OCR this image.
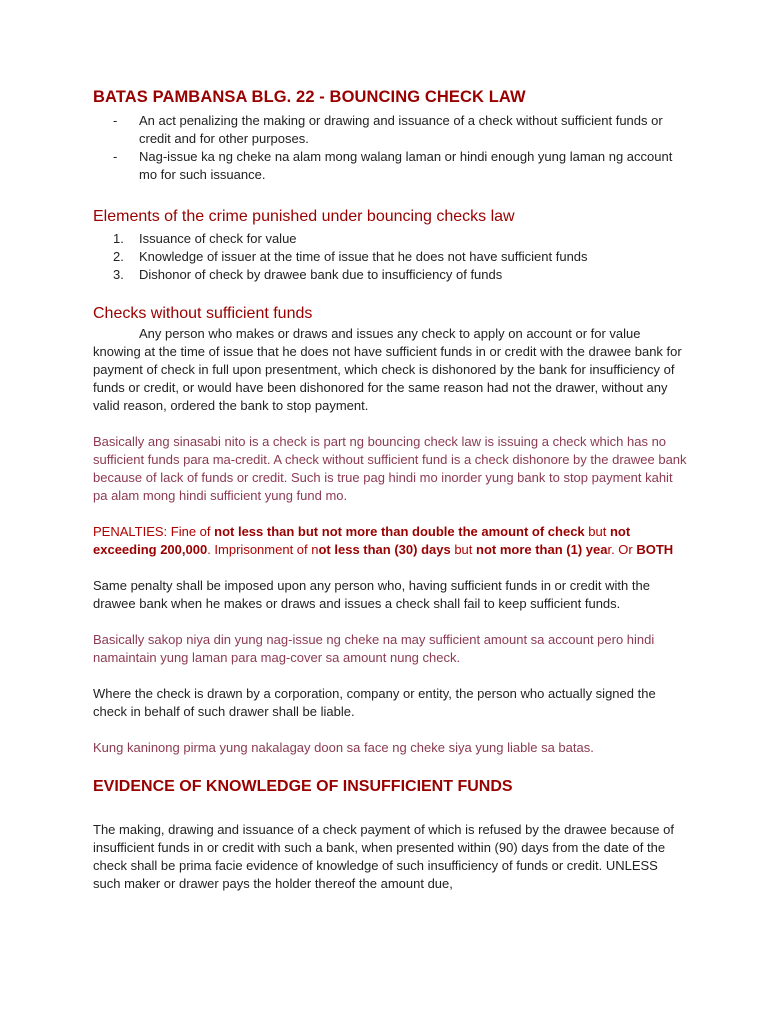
BATAS PAMBANSA BLG. 22 - BOUNCING CHECK LAW
- An act penalizing the making or drawing and issuance of a check without sufficient funds or credit and for other purposes.
- Nag-issue ka ng cheke na alam mong walang laman or hindi enough yung laman ng account mo for such issuance.
Elements of the crime punished under bouncing checks law
1. Issuance of check for value
2. Knowledge of issuer at the time of issue that he does not have sufficient funds
3. Dishonor of check by drawee bank due to insufficiency of funds
Checks without sufficient funds

Any person who makes or draws and issues any check to apply on account or for value knowing at the time of issue that he does not have sufficient funds in or credit with the drawee bank for payment of check in full upon presentment, which check is dishonored by the bank for insufficiency of funds or credit, or would have been dishonored for the same reason had not the drawer, without any valid reason, ordered the bank to stop payment.

Basically ang sinasabi nito is a check is part ng bouncing check law is issuing a check which has no sufficient funds para ma-credit. A check without sufficient fund is a check dishonore by the drawee bank because of lack of funds or credit. Such is true pag hindi mo inorder yung bank to stop payment kahit pa alam mong hindi sufficient yung fund mo.

PENALTIES: Fine of not less than but not more than double the amount of check but not exceeding 200,000. Imprisonment of not less than (30) days but not more than (1) year. Or BOTH

Same penalty shall be imposed upon any person who, having sufficient funds in or credit with the drawee bank when he makes or draws and issues a check shall fail to keep sufficient funds.

Basically sakop niya din yung nag-issue ng cheke na may sufficient amount sa account pero hindi namaintain yung laman para mag-cover sa amount nung check.

Where the check is drawn by a corporation, company or entity, the person who actually signed the check in behalf of such drawer shall be liable.

Kung kaninong pirma yung nakalagay doon sa face ng cheke siya yung liable sa batas.

EVIDENCE OF KNOWLEDGE OF INSUFFICIENT FUNDS

The making, drawing and issuance of a check payment of which is refused by the drawee because of insufficient funds in or credit with such a bank, when presented within (90) days from the date of the check shall be prima facie evidence of knowledge of such insufficiency of funds or credit. UNLESS such maker or drawer pays the holder thereof the amount due,
